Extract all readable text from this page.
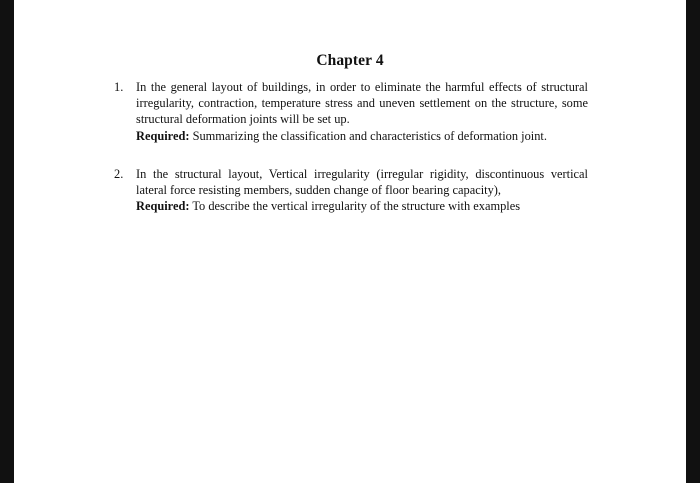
Chapter 4
1.	In the general layout of buildings, in order to eliminate the harmful effects of structural irregularity, contraction, temperature stress and uneven settlement on the structure, some structural deformation joints will be set up.
Required: Summarizing the classification and characteristics of deformation joint.
2.	In the structural layout, Vertical irregularity (irregular rigidity, discontinuous vertical lateral force resisting members, sudden change of floor bearing capacity),
Required: To describe the vertical irregularity of the structure with examples
